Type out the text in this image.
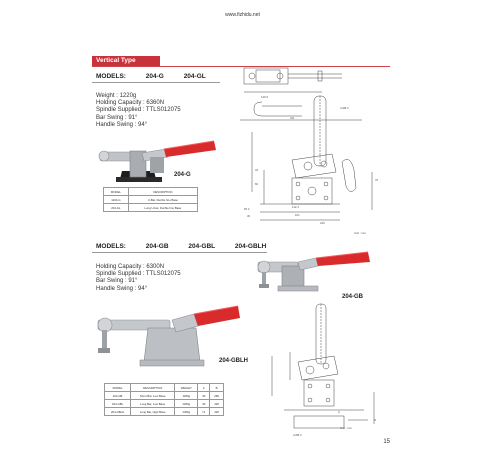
www.fizhidu.net
Vertical Type
MODELS:	204-G	204-GL
Weight : 1220g
Holding Capacity : 6360N
Spindle Supplied : TTLS012075
Bar Swing : 91°
Handle Swing : 94°
204-G
MODEL	DESCRIPTION
1204-G	U-Bar, Duchle hno Base
204-GL	Long U-bar, Duchle hno Base
129.6
4-Ø8.3
311
34
82
70
65.3	112.4
30	101
249
Unit : mm
MODELS:	204-GB	204-GBL	204-GBLH
Holding Capacity : 6300N
Spindle Supplied : TTLS012075
Bar Swing : 91°
Handle Swing : 94°
204-GB
204-GBLH
MODEL	DESCRIPTION	WEIGHT	A	B
204-GB	Short Bar, Low Base	1180g	40	268
204-GBL	Long Bar, Low Base	1260g	40	318
204-GBLH	Long Bar, High Base	1460g	71	318	A
B
4-Ø8.3
Unit : mm
15
